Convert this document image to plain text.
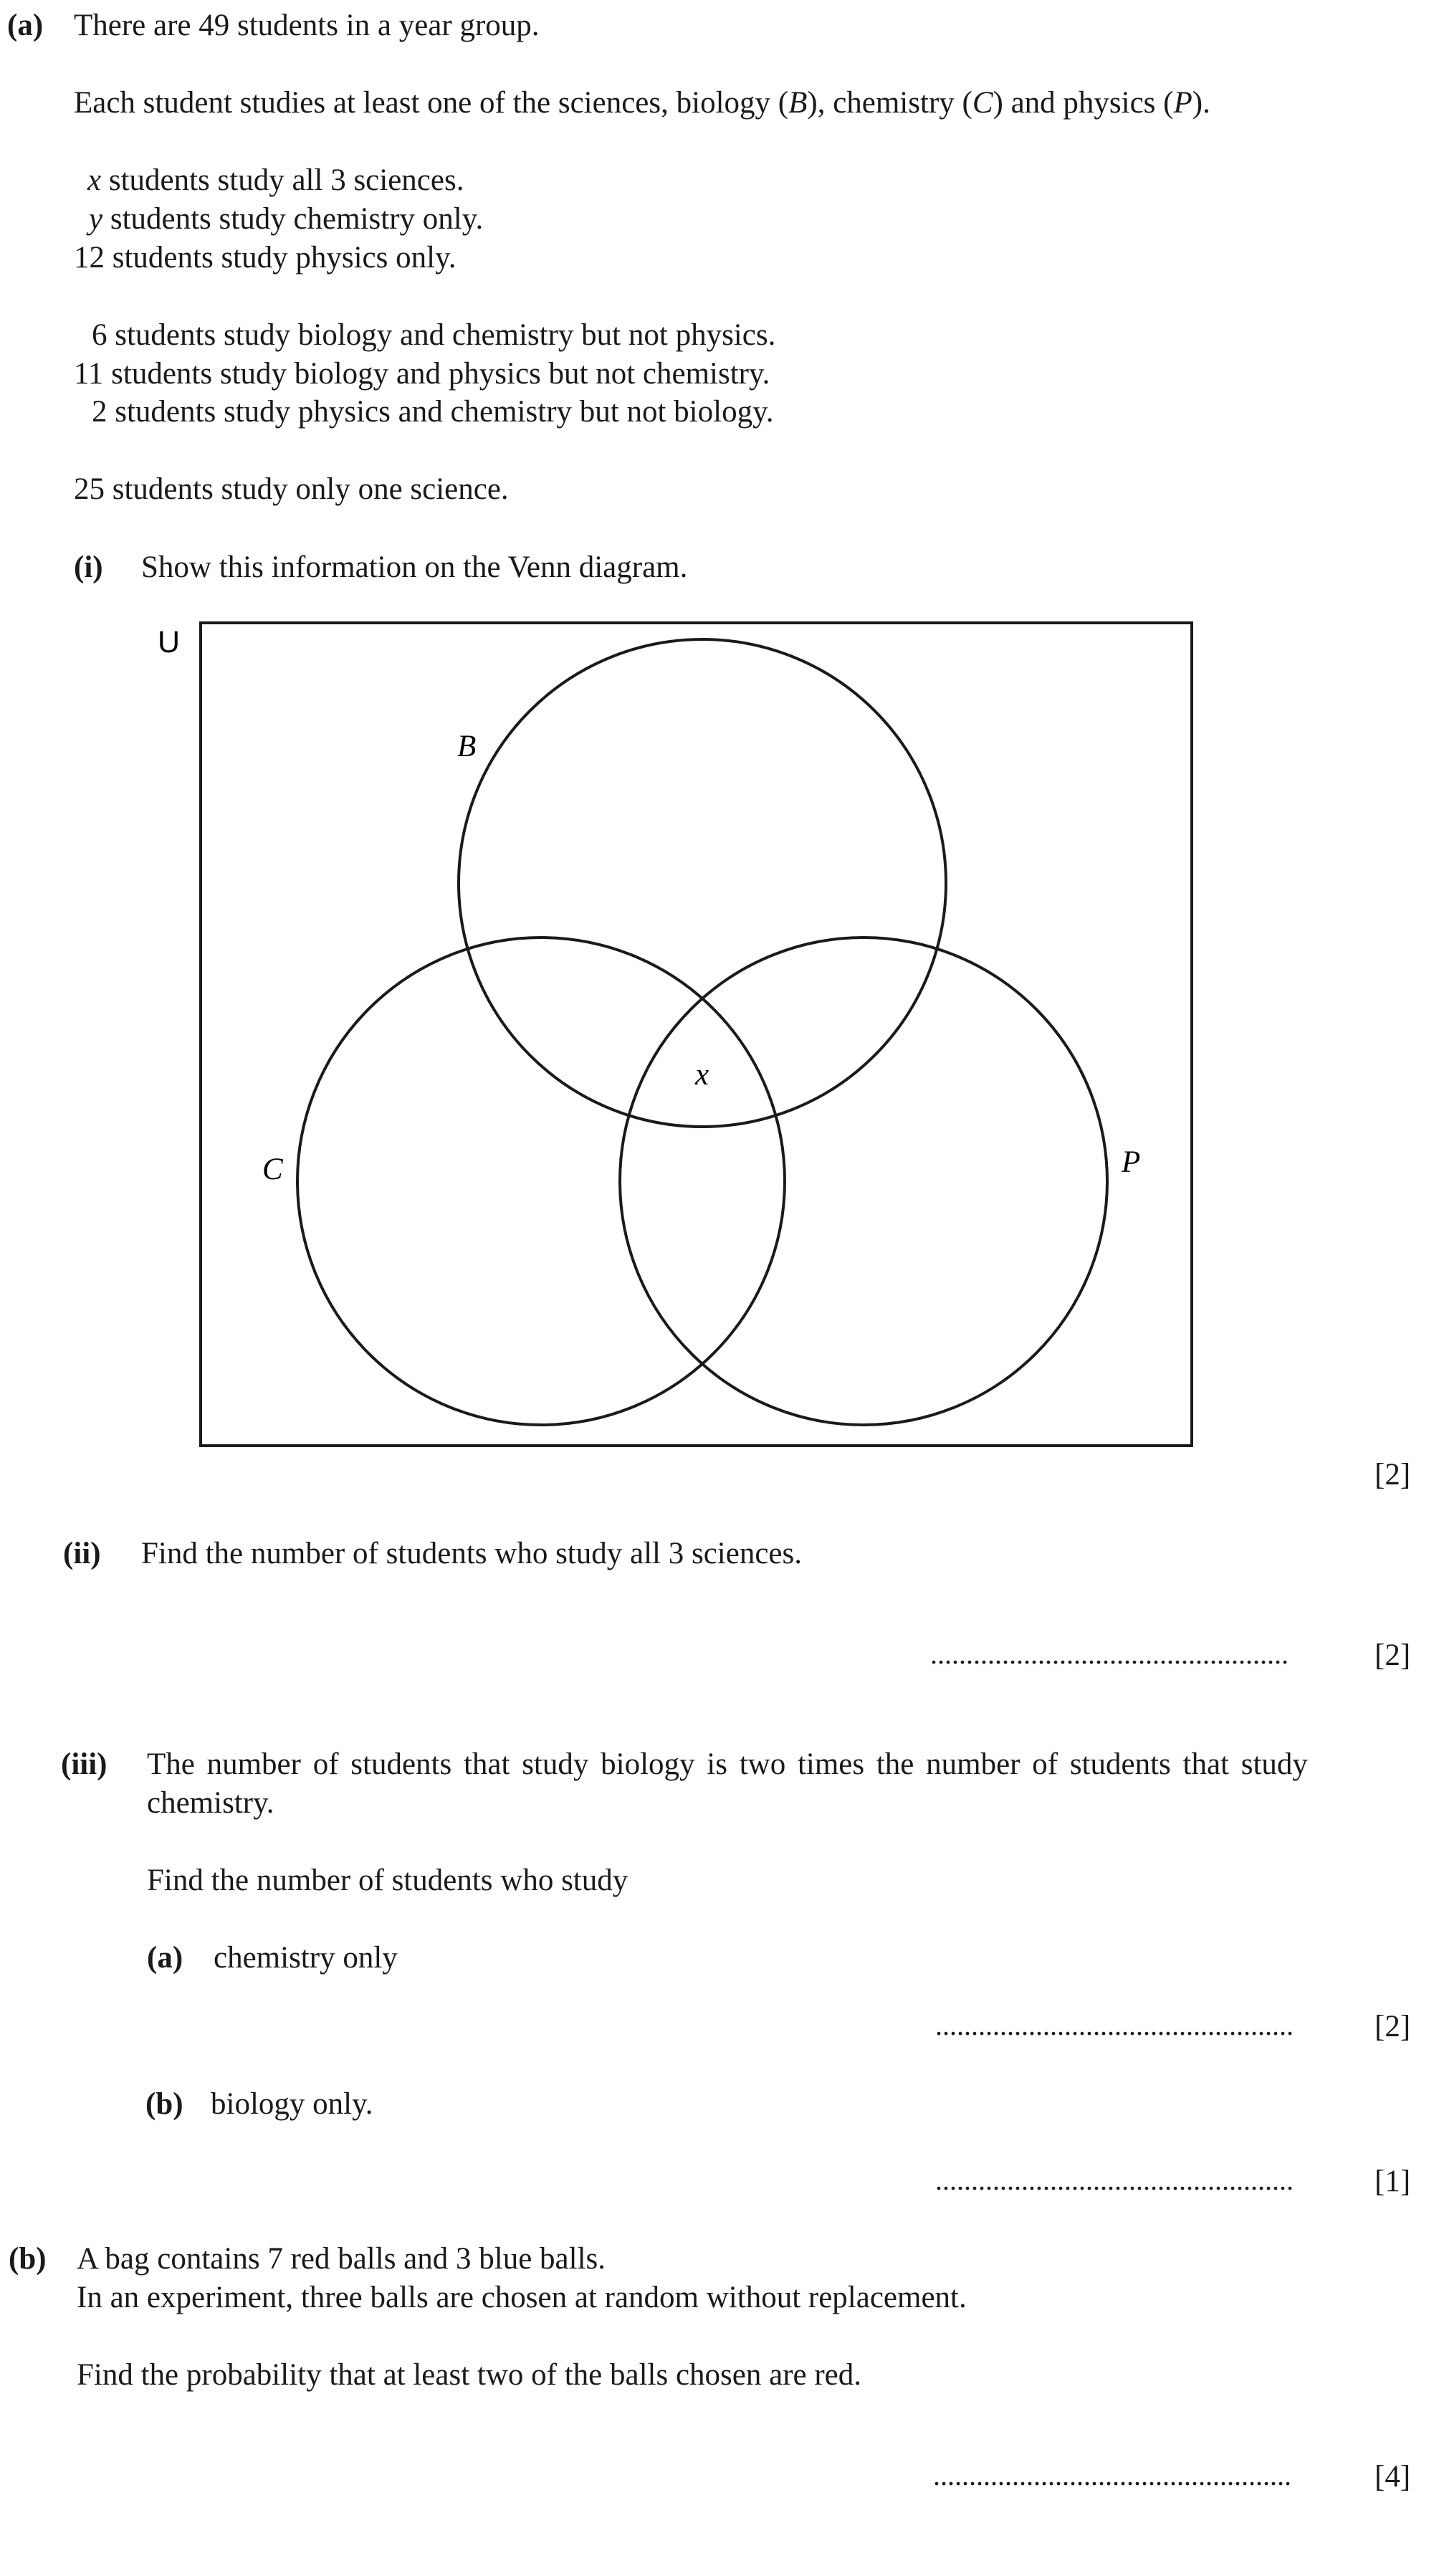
(a) There are 49 students in a year group.
Each student studies at least one of the sciences, biology (B), chemistry (C) and physics (P).
x students study all 3 sciences.
y students study chemistry only.
12 students study physics only.
6 students study biology and chemistry but not physics.
11 students study biology and physics but not chemistry.
2 students study physics and chemistry but not biology.
25 students study only one science.
(i) Show this information on the Venn diagram.
U
B
C	P
x
[2]
(ii) Find the number of students who study all 3 sciences.
..................................................	[2]
(iii) The number of students that study biology is two times the number of students that study
chemistry.
Find the number of students who study
(a) chemistry only
..................................................	[2]
(b) biology only.
..................................................	[1]
(b) A bag contains 7 red balls and 3 blue balls.
In an experiment, three balls are chosen at random without replacement.
Find the probability that at least two of the balls chosen are red.
..................................................	[4]
